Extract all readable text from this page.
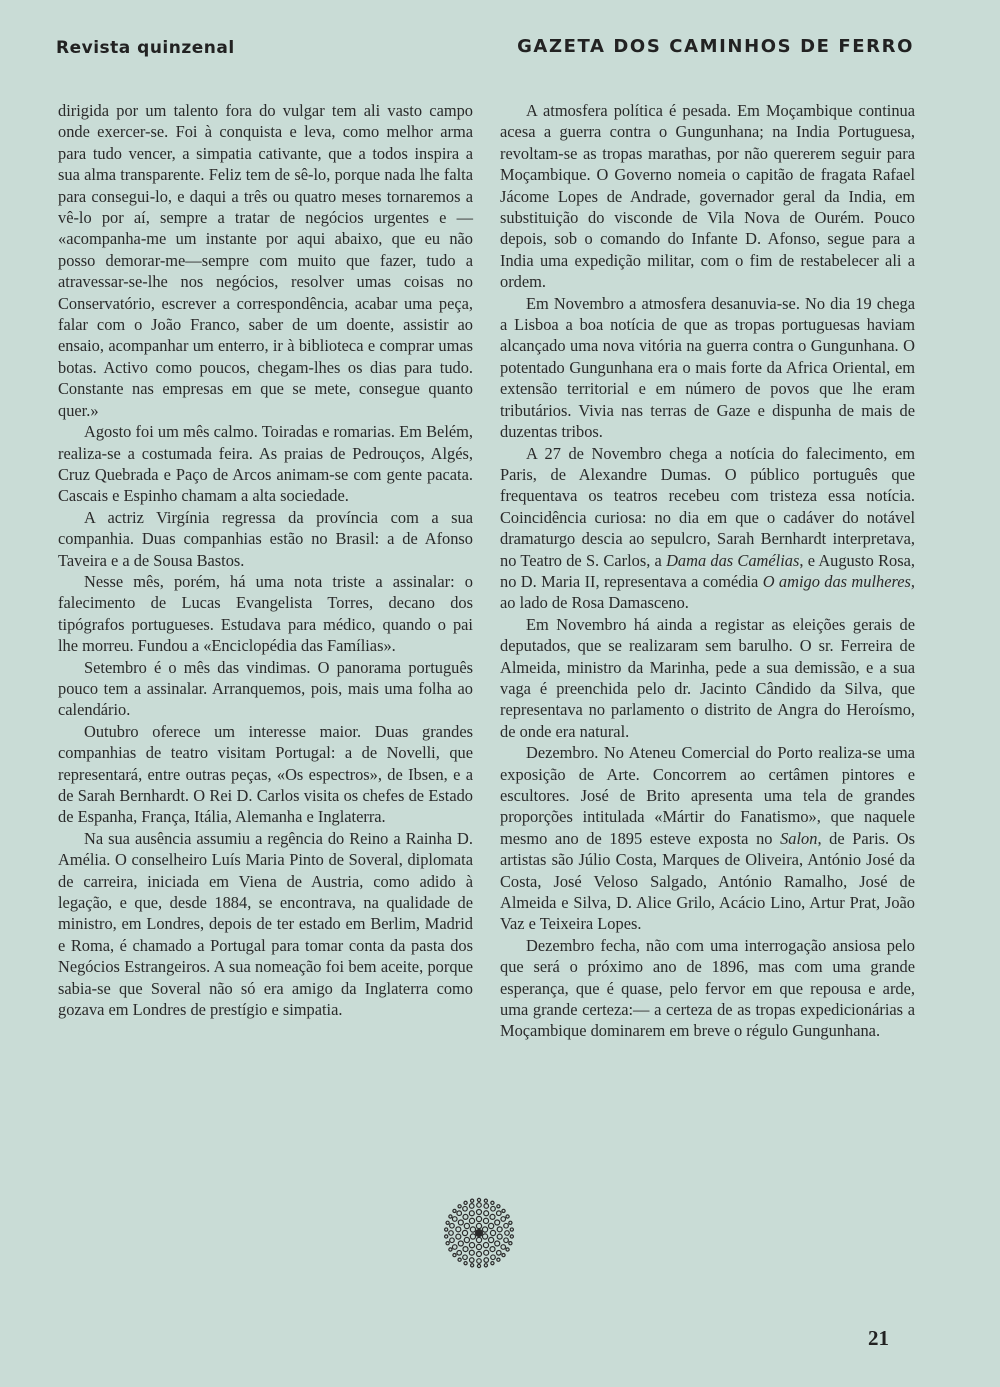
Revista quinzenal	GAZETA DOS CAMINHOS DE FERRO

dirigida por um talento fora do vulgar tem ali vasto campo onde exercer-se. Foi à conquista e leva, como melhor arma para tudo vencer, a simpatia cativante, que a todos inspira a sua alma transparente. Feliz tem de sê-lo, porque nada lhe falta para consegui-lo, e daqui a três ou quatro meses tornaremos a vê-lo por aí, sempre a tratar de negócios urgentes e — «acompanha-me um instante por aqui abaixo, que eu não posso demorar-me—sempre com muito que fazer, tudo a atravessar-se-lhe nos negócios, resolver umas coisas no Conservatório, escrever a correspondência, acabar uma peça, falar com o João Franco, saber de um doente, assistir ao ensaio, acompanhar um enterro, ir à biblioteca e comprar umas botas. Activo como poucos, chegam-lhes os dias para tudo. Constante nas empresas em que se mete, consegue quanto quer.»

Agosto foi um mês calmo. Toiradas e romarias. Em Belém, realiza-se a costumada feira. As praias de Pedrouços, Algés, Cruz Quebrada e Paço de Arcos animam-se com gente pacata. Cascais e Espinho chamam a alta sociedade.

A actriz Virgínia regressa da província com a sua companhia. Duas companhias estão no Brasil: a de Afonso Taveira e a de Sousa Bastos.

Nesse mês, porém, há uma nota triste a assinalar: o falecimento de Lucas Evangelista Torres, decano dos tipógrafos portugueses. Estudava para médico, quando o pai lhe morreu. Fundou a «Enciclopédia das Famílias».

Setembro é o mês das vindimas. O panorama português pouco tem a assinalar. Arranquemos, pois, mais uma folha ao calendário.

Outubro oferece um interesse maior. Duas grandes companhias de teatro visitam Portugal: a de Novelli, que representará, entre outras peças, «Os espectros», de Ibsen, e a de Sarah Bernhardt. O Rei D. Carlos visita os chefes de Estado de Espanha, França, Itália, Alemanha e Inglaterra.

Na sua ausência assumiu a regência do Reino a Rainha D. Amélia. O conselheiro Luís Maria Pinto de Soveral, diplomata de carreira, iniciada em Viena de Austria, como adido à legação, e que, desde 1884, se encontrava, na qualidade de ministro, em Londres, depois de ter estado em Berlim, Madrid e Roma, é chamado a Portugal para tomar conta da pasta dos Negócios Estrangeiros. A sua nomeação foi bem aceite, porque sabia-se que Soveral não só era amigo da Inglaterra como gozava em Londres de prestígio e simpatia.

A atmosfera política é pesada. Em Moçambique continua acesa a guerra contra o Gungunhana; na India Portuguesa, revoltam-se as tropas marathas, por não quererem seguir para Moçambique. O Governo nomeia o capitão de fragata Rafael Jácome Lopes de Andrade, governador geral da India, em substituição do visconde de Vila Nova de Ourém. Pouco depois, sob o comando do Infante D. Afonso, segue para a India uma expedição militar, com o fim de restabelecer ali a ordem.

Em Novembro a atmosfera desanuvia-se. No dia 19 chega a Lisboa a boa notícia de que as tropas portuguesas haviam alcançado uma nova vitória na guerra contra o Gungunhana. O potentado Gungunhana era o mais forte da Africa Oriental, em extensão territorial e em número de povos que lhe eram tributários. Vivia nas terras de Gaze e dispunha de mais de duzentas tribos.

A 27 de Novembro chega a notícia do falecimento, em Paris, de Alexandre Dumas. O público português que frequentava os teatros recebeu com tristeza essa notícia. Coincidência curiosa: no dia em que o cadáver do notável dramaturgo descia ao sepulcro, Sarah Bernhardt interpretava, no Teatro de S. Carlos, a Dama das Camélias, e Augusto Rosa, no D. Maria II, representava a comédia O amigo das mulheres, ao lado de Rosa Damasceno.

Em Novembro há ainda a registar as eleições gerais de deputados, que se realizaram sem barulho. O sr. Ferreira de Almeida, ministro da Marinha, pede a sua demissão, e a sua vaga é preenchida pelo dr. Jacinto Cândido da Silva, que representava no parlamento o distrito de Angra do Heroísmo, de onde era natural.

Dezembro. No Ateneu Comercial do Porto realiza-se uma exposição de Arte. Concorrem ao certâmen pintores e escultores. José de Brito apresenta uma tela de grandes proporções intitulada «Mártir do Fanatismo», que naquele mesmo ano de 1895 esteve exposta no Salon, de Paris. Os artistas são Júlio Costa, Marques de Oliveira, António José da Costa, José Veloso Salgado, António Ramalho, José de Almeida e Silva, D. Alice Grilo, Acácio Lino, Artur Prat, João Vaz e Teixeira Lopes.

Dezembro fecha, não com uma interrogação ansiosa pelo que será o próximo ano de 1896, mas com uma grande esperança, que é quase, pelo fervor em que repousa e arde, uma grande certeza:— a certeza de as tropas expedicionárias a Moçambique dominarem em breve o régulo Gungunhana.

21
